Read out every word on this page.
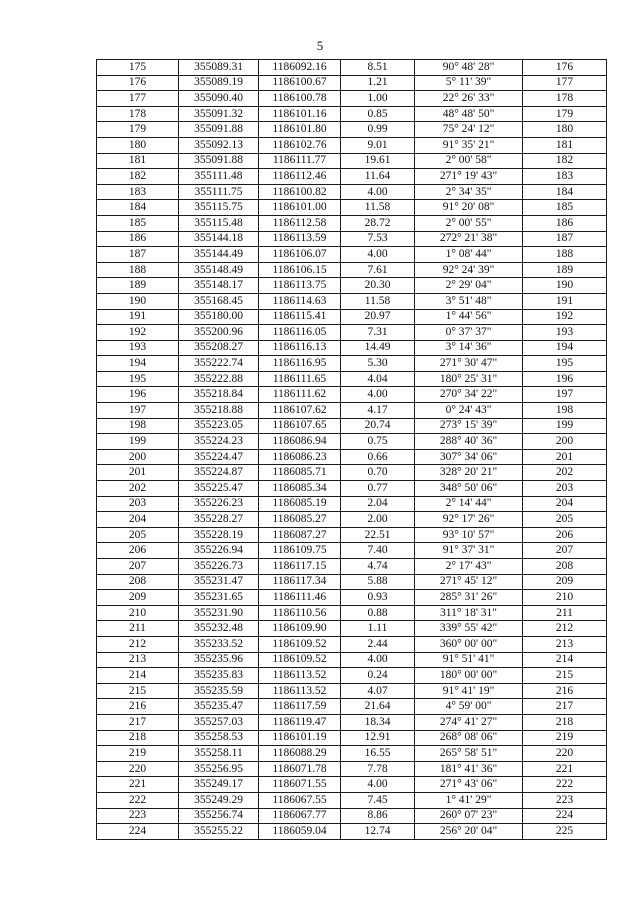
5
175	355089.31	1186092.16	8.51	90° 48' 28"	176
176	355089.19	1186100.67	1.21	5° 11' 39"	177
177	355090.40	1186100.78	1.00	22° 26' 33"	178
178	355091.32	1186101.16	0.85	48° 48' 50"	179
179	355091.88	1186101.80	0.99	75° 24' 12"	180
180	355092.13	1186102.76	9.01	91° 35' 21"	181
181	355091.88	1186111.77	19.61	2° 00' 58"	182
182	355111.48	1186112.46	11.64	271° 19' 43"	183
183	355111.75	1186100.82	4.00	2° 34' 35"	184
184	355115.75	1186101.00	11.58	91° 20' 08"	185
185	355115.48	1186112.58	28.72	2° 00' 55"	186
186	355144.18	1186113.59	7.53	272° 21' 38"	187
187	355144.49	1186106.07	4.00	1° 08' 44"	188
188	355148.49	1186106.15	7.61	92° 24' 39"	189
189	355148.17	1186113.75	20.30	2° 29' 04"	190
190	355168.45	1186114.63	11.58	3° 51' 48"	191
191	355180.00	1186115.41	20.97	1° 44' 56"	192
192	355200.96	1186116.05	7.31	0° 37' 37"	193
193	355208.27	1186116.13	14.49	3° 14' 36"	194
194	355222.74	1186116.95	5.30	271° 30' 47"	195
195	355222.88	1186111.65	4.04	180° 25' 31"	196
196	355218.84	1186111.62	4.00	270° 34' 22"	197
197	355218.88	1186107.62	4.17	0° 24' 43"	198
198	355223.05	1186107.65	20.74	273° 15' 39"	199
199	355224.23	1186086.94	0.75	288° 40' 36"	200
200	355224.47	1186086.23	0.66	307° 34' 06"	201
201	355224.87	1186085.71	0.70	328° 20' 21"	202
202	355225.47	1186085.34	0.77	348° 50' 06"	203
203	355226.23	1186085.19	2.04	2° 14' 44"	204
204	355228.27	1186085.27	2.00	92° 17' 26"	205
205	355228.19	1186087.27	22.51	93° 10' 57"	206
206	355226.94	1186109.75	7.40	91° 37' 31"	207
207	355226.73	1186117.15	4.74	2° 17' 43"	208
208	355231.47	1186117.34	5.88	271° 45' 12"	209
209	355231.65	1186111.46	0.93	285° 31' 26"	210
210	355231.90	1186110.56	0.88	311° 18' 31"	211
211	355232.48	1186109.90	1.11	339° 55' 42"	212
212	355233.52	1186109.52	2.44	360° 00' 00"	213
213	355235.96	1186109.52	4.00	91° 51' 41"	214
214	355235.83	1186113.52	0.24	180° 00' 00"	215
215	355235.59	1186113.52	4.07	91° 41' 19"	216
216	355235.47	1186117.59	21.64	4° 59' 00"	217
217	355257.03	1186119.47	18.34	274° 41' 27"	218
218	355258.53	1186101.19	12.91	268° 08' 06"	219
219	355258.11	1186088.29	16.55	265° 58' 51"	220
220	355256.95	1186071.78	7.78	181° 41' 36"	221
221	355249.17	1186071.55	4.00	271° 43' 06"	222
222	355249.29	1186067.55	7.45	1° 41' 29"	223
223	355256.74	1186067.77	8.86	260° 07' 23"	224
224	355255.22	1186059.04	12.74	256° 20' 04"	225
